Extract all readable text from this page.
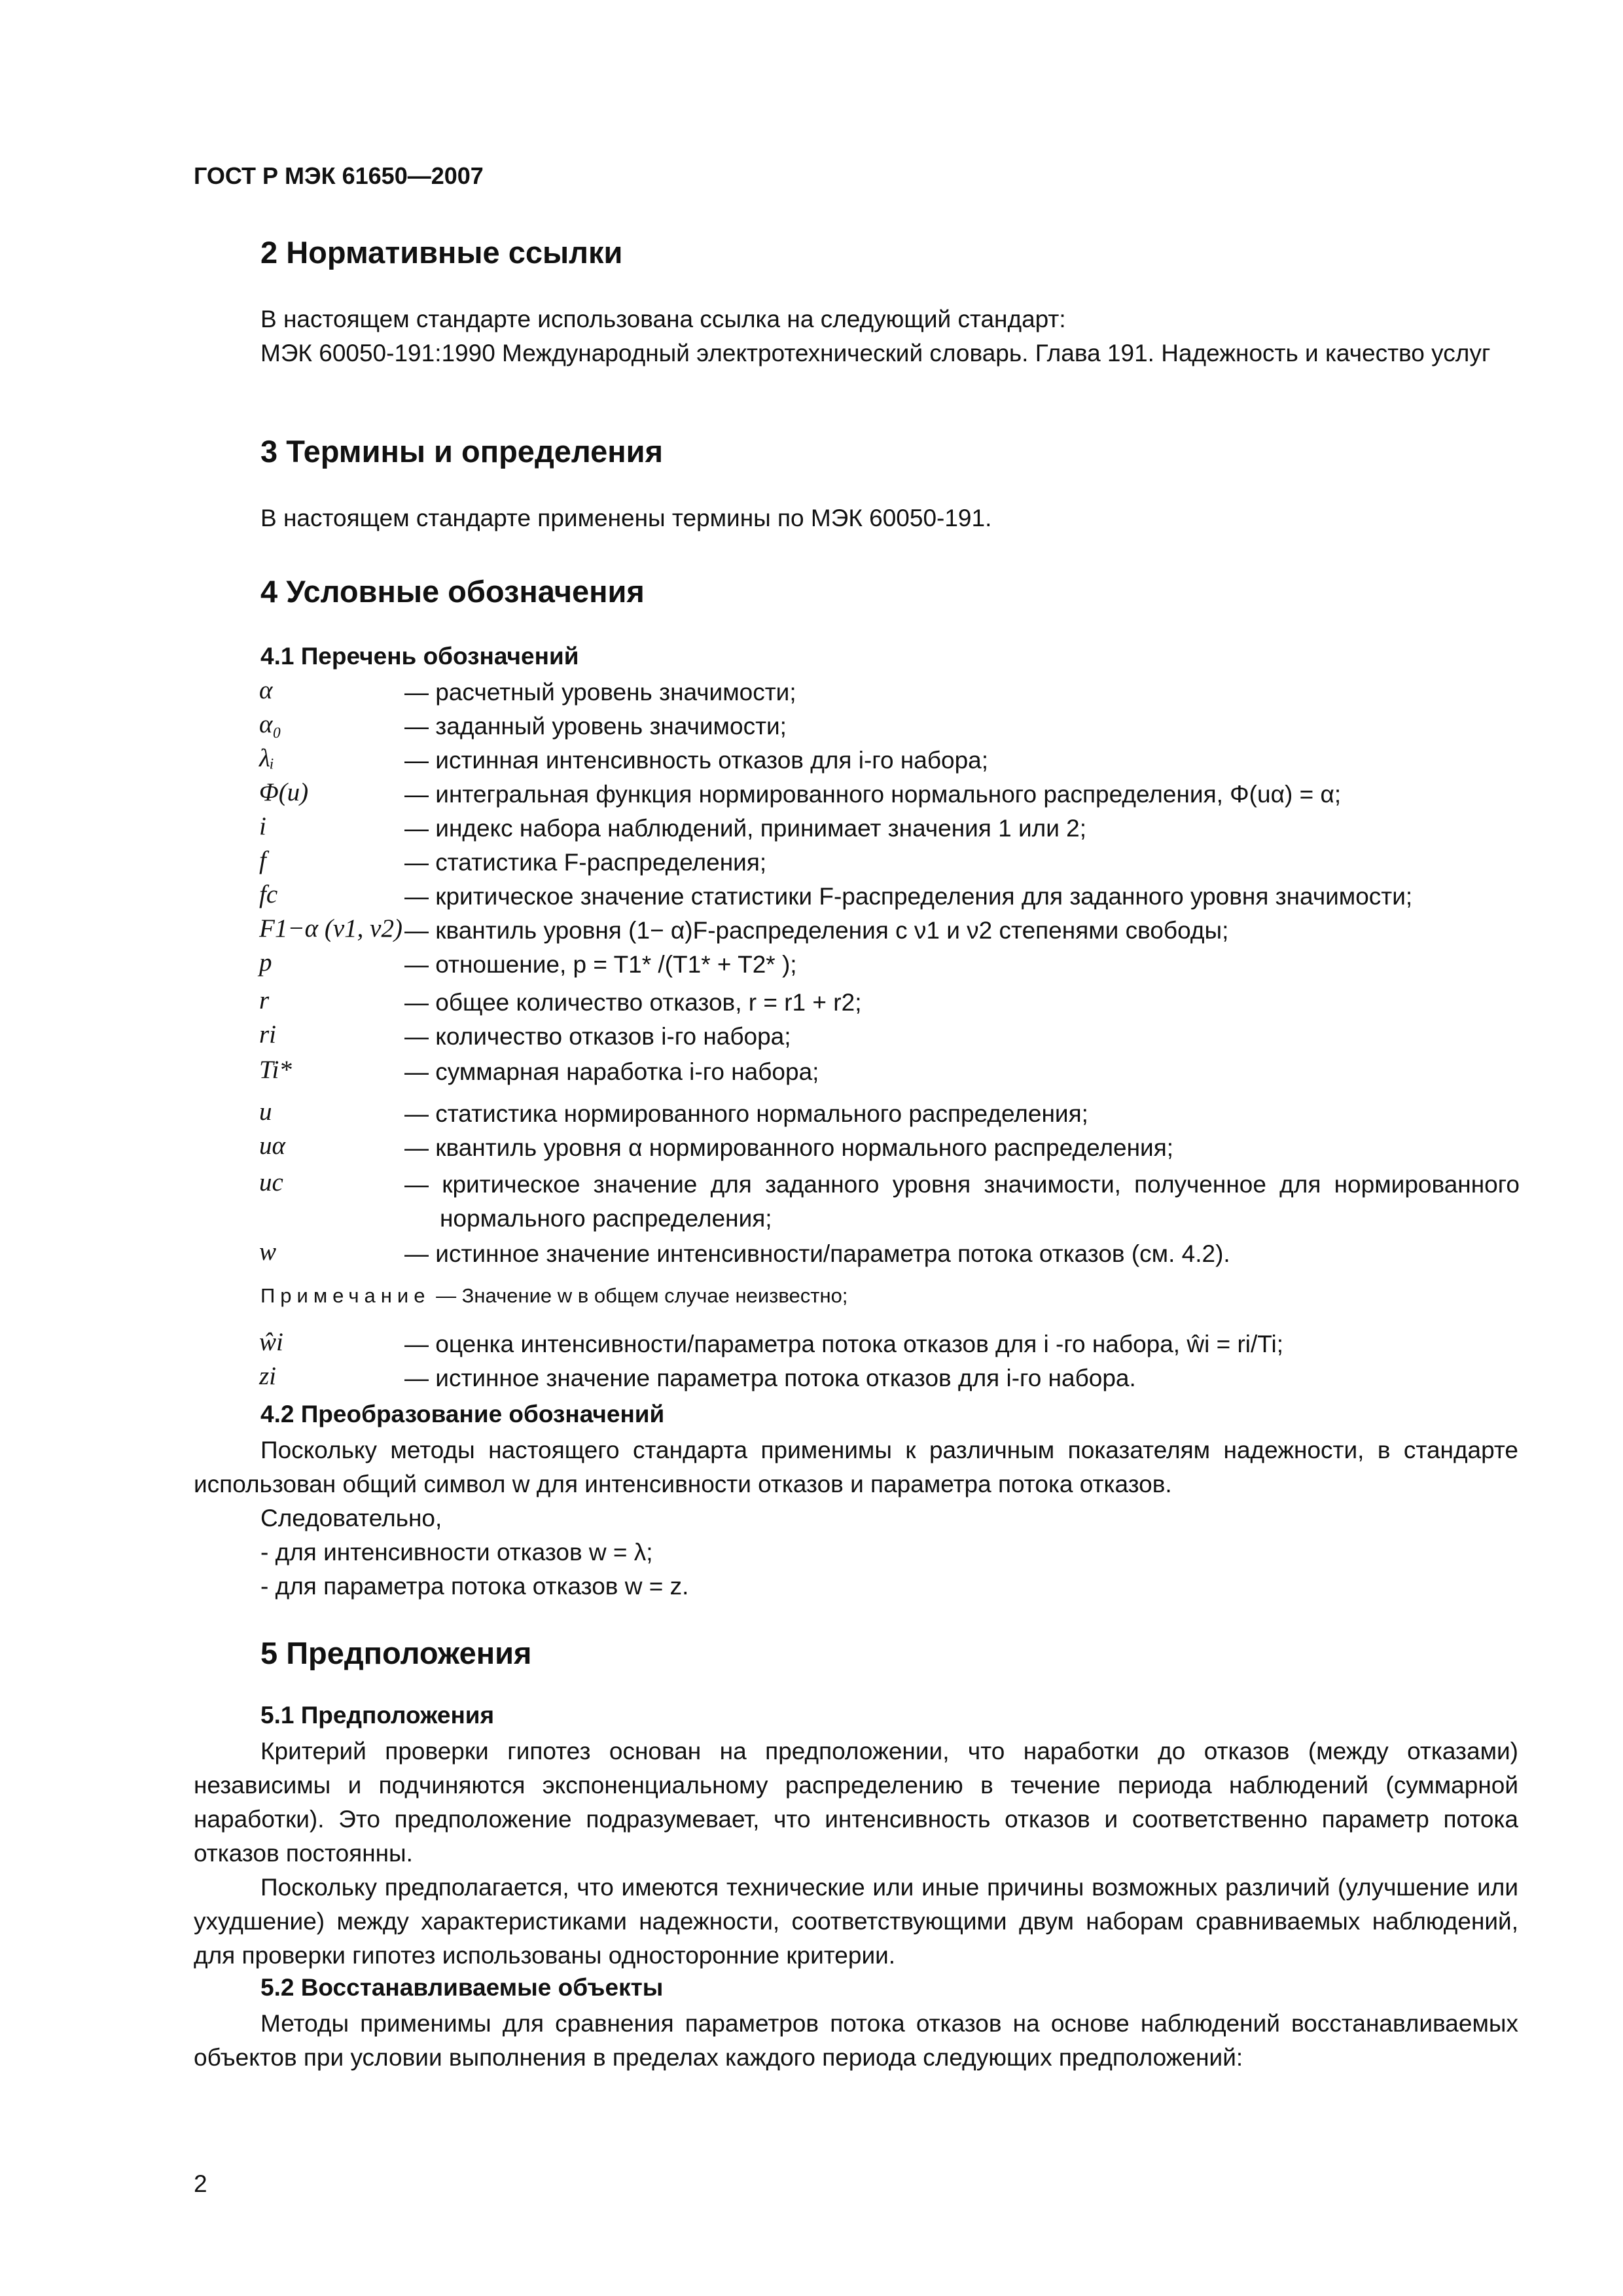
ГОСТ Р МЭК 61650—2007
2 Нормативные ссылки
В настоящем стандарте использована ссылка на следующий стандарт:
МЭК 60050-191:1990 Международный электротехнический словарь. Глава 191. Надежность и качество услуг
3 Термины и определения
В настоящем стандарте применены термины по МЭК 60050-191.
4 Условные обозначения
4.1 Перечень обозначений
α	— расчетный уровень значимости;
α₀	— заданный уровень значимости;
λᵢ	— истинная интенсивность отказов для i-го набора;
Φ(u)	— интегральная функция нормированного нормального распределения, Φ(uα) = α;
i	— индекс набора наблюдений, принимает значения 1 или 2;
f	— статистика F-распределения;
fc	— критическое значение статистики F-распределения для заданного уровня значимости;
F1−α (ν1, ν2) — квантиль уровня (1− α)F-распределения с ν1 и ν2 степенями свободы;
p	— отношение, p = T1* /(T1* + T2* );
r	— общее количество отказов, r = r1 + r2;
ri	— количество отказов i-го набора;
Ti*	— суммарная наработка i-го набора;
u	— статистика нормированного нормального распределения;
uα	— квантиль уровня α нормированного нормального распределения;
uc	— критическое значение для заданного уровня значимости, полученное для нормированного нормального распределения;
w	— истинное значение интенсивности/параметра потока отказов (см. 4.2).
Примечание — Значение w в общем случае неизвестно;
ŵi	— оценка интенсивности/параметра потока отказов для i -го набора, ŵi = ri/Ti;
zi	— истинное значение параметра потока отказов для i-го набора.
4.2 Преобразование обозначений
Поскольку методы настоящего стандарта применимы к различным показателям надежности, в стандарте использован общий символ w для интенсивности отказов и параметра потока отказов.
Следовательно,
- для интенсивности отказов w = λ;
- для параметра потока отказов w = z.
5 Предположения
5.1 Предположения
Критерий проверки гипотез основан на предположении, что наработки до отказов (между отказами) независимы и подчиняются экспоненциальному распределению в течение периода наблюдений (суммарной наработки). Это предположение подразумевает, что интенсивность отказов и соответственно параметр потока отказов постоянны.
Поскольку предполагается, что имеются технические или иные причины возможных различий (улучшение или ухудшение) между характеристиками надежности, соответствующими двум наборам сравниваемых наблюдений, для проверки гипотез использованы односторонние критерии.
5.2 Восстанавливаемые объекты
Методы применимы для сравнения параметров потока отказов на основе наблюдений восстанавливаемых объектов при условии выполнения в пределах каждого периода следующих предположений:
2
